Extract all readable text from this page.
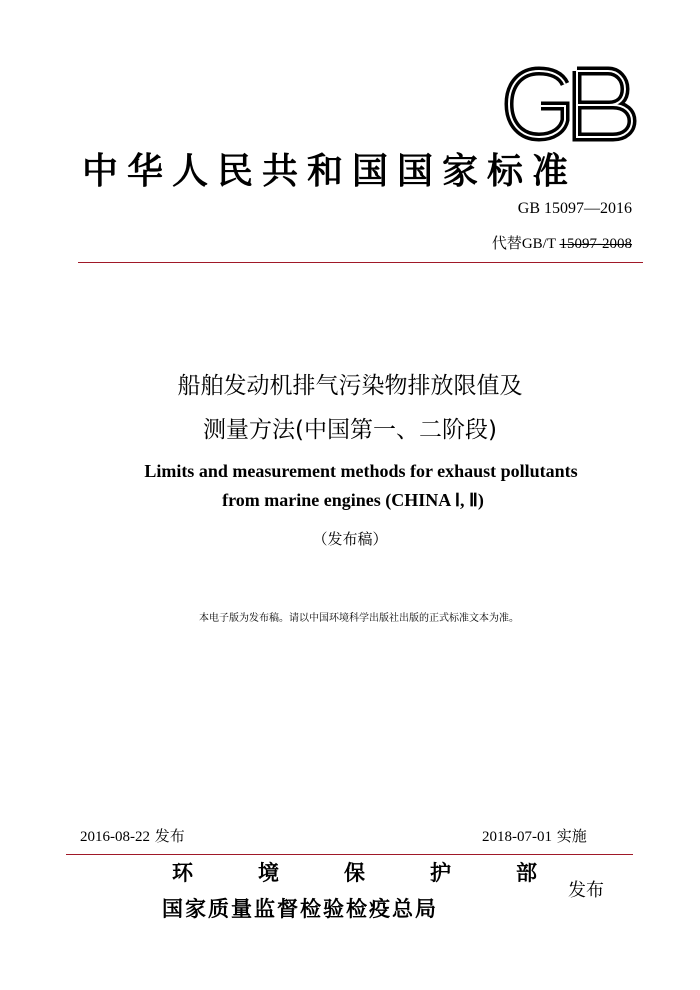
中华人民共和国国家标准
GB 15097—2016
代替GB/T 15097-2008
船舶发动机排气污染物排放限值及
测量方法(中国第一、二阶段)
Limits and measurement methods for exhaust pollutants
from marine engines (CHINA Ⅰ, Ⅱ)
（发布稿）
本电子版为发布稿。请以中国环境科学出版社出版的正式标准文本为准。
2016-08-22 发布	2018-07-01 实施
环	境	保	护	部
国家质量监督检验检疫总局
发布
